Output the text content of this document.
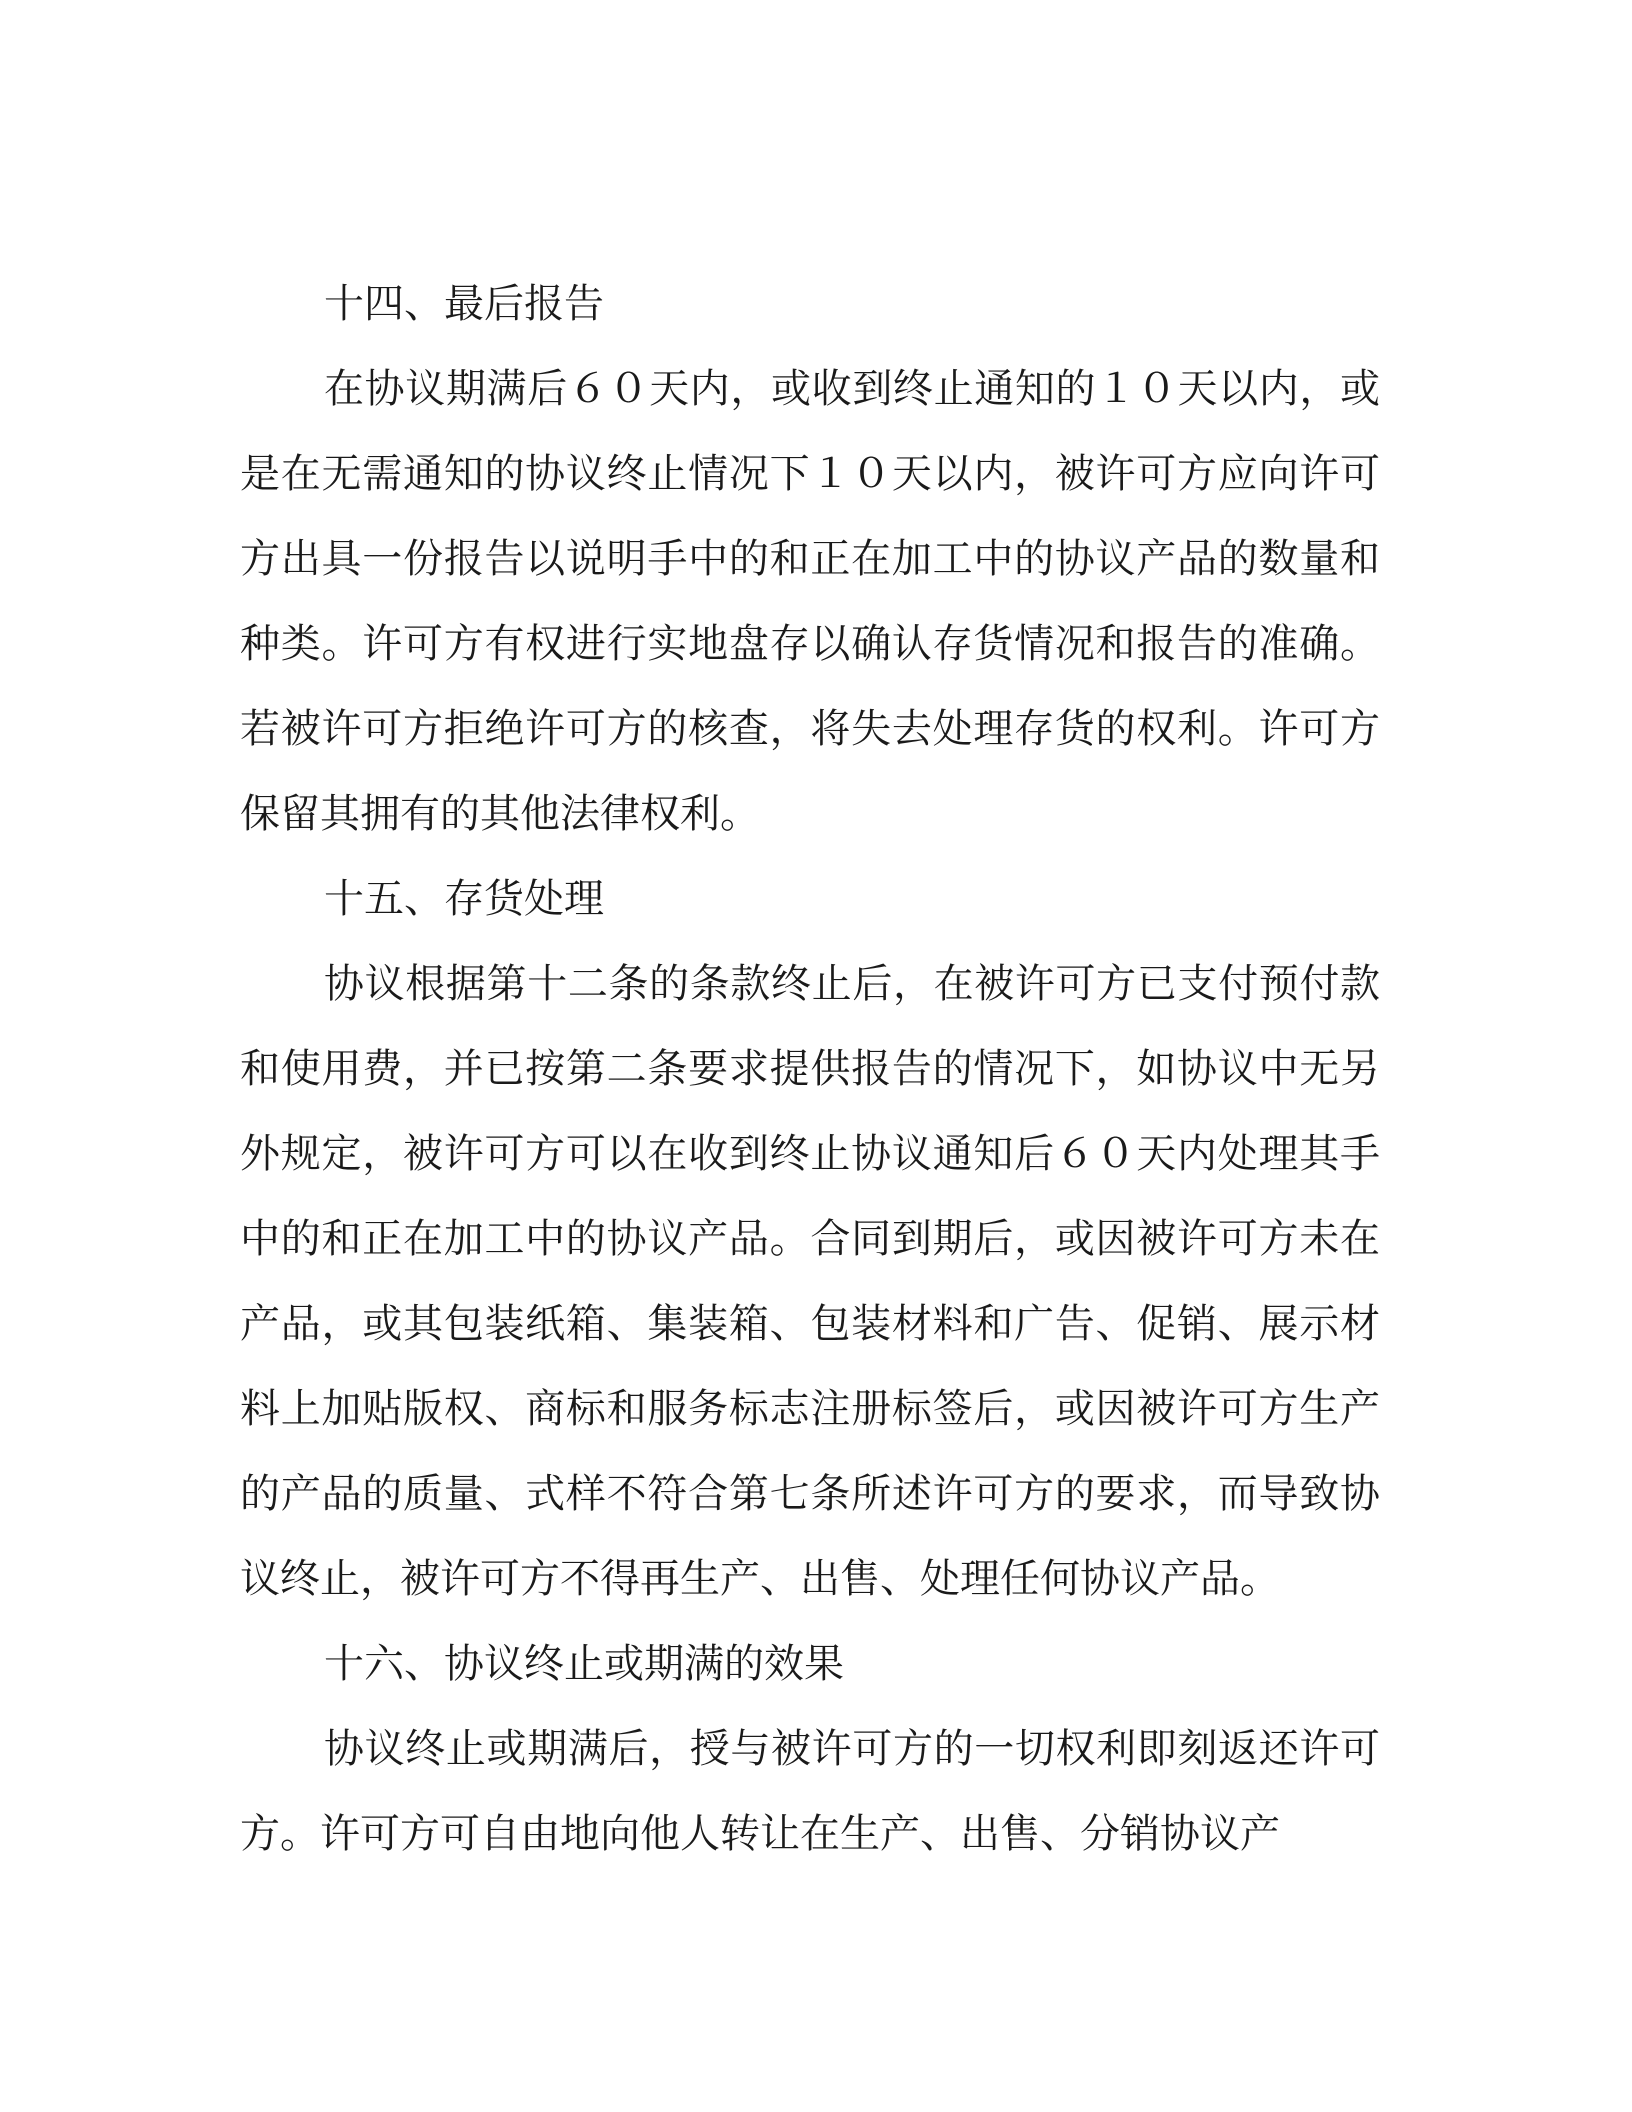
十四、最后报告

在协议期满后６０天内，或收到终止通知的１０天以内，或是在无需通知的协议终止情况下１０天以内，被许可方应向许可方出具一份报告以说明手中的和正在加工中的协议产品的数量和种类。许可方有权进行实地盘存以确认存货情况和报告的准确。若被许可方拒绝许可方的核查，将失去处理存货的权利。许可方保留其拥有的其他法律权利。

十五、存货处理

协议根据第十二条的条款终止后，在被许可方已支付预付款和使用费，并已按第二条要求提供报告的情况下，如协议中无另外规定，被许可方可以在收到终止协议通知后６０天内处理其手中的和正在加工中的协议产品。合同到期后，或因被许可方未在产品，或其包装纸箱、集装箱、包装材料和广告、促销、展示材料上加贴版权、商标和服务标志注册标签后，或因被许可方生产的产品的质量、式样不符合第七条所述许可方的要求，而导致协议终止，被许可方不得再生产、出售、处理任何协议产品。

十六、协议终止或期满的效果

协议终止或期满后，授与被许可方的一切权利即刻返还许可方。许可方可自由地向他人转让在生产、出售、分销协议产
